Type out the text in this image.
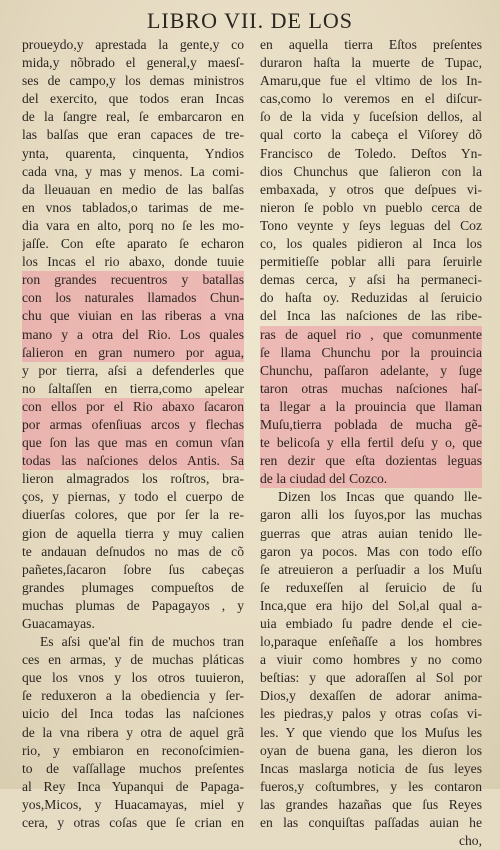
LIBRO VII. DE LOS
proueydo,y aprestada la gente,y co
mida,y nõbrado el general,y maesſ-
ses de campo,y los demas ministros
del exercito, que todos eran Incas
de la ſangre real, ſe embarcaron en
las balſas que eran capaces de tre-
ynta, quarenta, cinquenta, Yndios
cada vna, y mas y menos. La comi-
da lleuauan en medio de las balſas
en vnos tablados,o tarimas de me-
dia vara en alto, porq no ſe les mo-
jaſſe. Con eſte aparato ſe echaron
los Incas el rio abaxo, donde tuuie
ron grandes recuentros y batallas
con los naturales llamados Chun-
chu que viuian en las riberas a vna
mano y a otra del Rio. Los quales
ſalieron en gran numero por agua,
y por tierra, aſsi a defenderles que
no ſaltaſſen en tierra,como apelear
con ellos por el Rio abaxo ſacaron
por armas ofenſiuas arcos y flechas
que ſon las que mas en comun vſan
todas las naſciones delos Antis. Sa
lieron almagrados los roſtros, bra-
ços, y piernas, y todo el cuerpo de
diuerſas colores, que por ſer la re-
gion de aquella tierra y muy calien
te andauan deſnudos no mas de cõ
pañetes,ſacaron ſobre ſus cabeças
grandes plumages compueſtos de
muchas plumas de Papagayos , y
Guacamayas.
Es aſsi que'al fin de muchos tran
ces en armas, y de muchas pláticas
que los vnos y los otros tuuieron,
ſe reduxeron a la obediencia y ſer-
uicio del Inca todas las naſciones
de la vna ribera y otra de aquel grã
rio, y embiaron en reconoſcimien-
to de vaſſallage muchos preſentes
al Rey Inca Yupanqui de Papaga-
yos,Micos, y Huacamayas, miel y
cera, y otras coſas que ſe crian en
en aquella tierra Eſtos preſentes
duraron haſta la muerte de Tupac,
Amaru,que fue el vltimo de los In-
cas,como lo veremos en el diſcur-
ſo de la vida y ſuceſsion dellos, al
qual corto la cabeça el Viſorey dõ
Francisco de Toledo. Deſtos Yn-
dios Chunchus que ſalieron con la
embaxada, y otros que deſpues vi-
nieron ſe poblo vn pueblo cerca de
Tono veynte y ſeys leguas del Coz
co, los quales pidieron al Inca los
permitieſſe poblar alli para ſeruirle
demas cerca, y aſsi ha permaneci-
do haſta oy. Reduzidas al ſeruicio
del Inca las naſciones de las ribe-
ras de aquel rio , que comunmente
ſe llama Chunchu por la prouincia
Chunchu, paſſaron adelante, y ſuge
taron otras muchas naſciones haſ-
ta llegar a la prouincia que llaman
Muſu,tierra poblada de mucha gẽ-
te belicoſa y ella fertil deſu y o, que
ren dezir que eſta dozientas leguas
de la ciudad del Cozco.
Dizen los Incas que quando lle-
garon alli los ſuyos,por las muchas
guerras que atras auian tenido lle-
garon ya pocos. Mas con todo eſſo
ſe atreuieron a perſuadir a los Muſu
ſe reduxeſſen al ſeruicio de ſu
Inca,que era hijo del Sol,al qual a-
uia embiado ſu padre dende el cie-
lo,paraque enſeñaſſe a los hombres
a viuir como hombres y no como
beſtias: y que adoraſſen al Sol por
Dios,y dexaſſen de adorar anima-
les piedras,y palos y otras coſas vi-
les. Y que viendo que los Muſus les
oyan de buena gana, les dieron los
Incas maslarga noticia de ſus leyes
fueros,y coſtumbres, y les contaron
las grandes hazañas que ſus Reyes
en las conquiſtas paſſadas auian he
cho,
